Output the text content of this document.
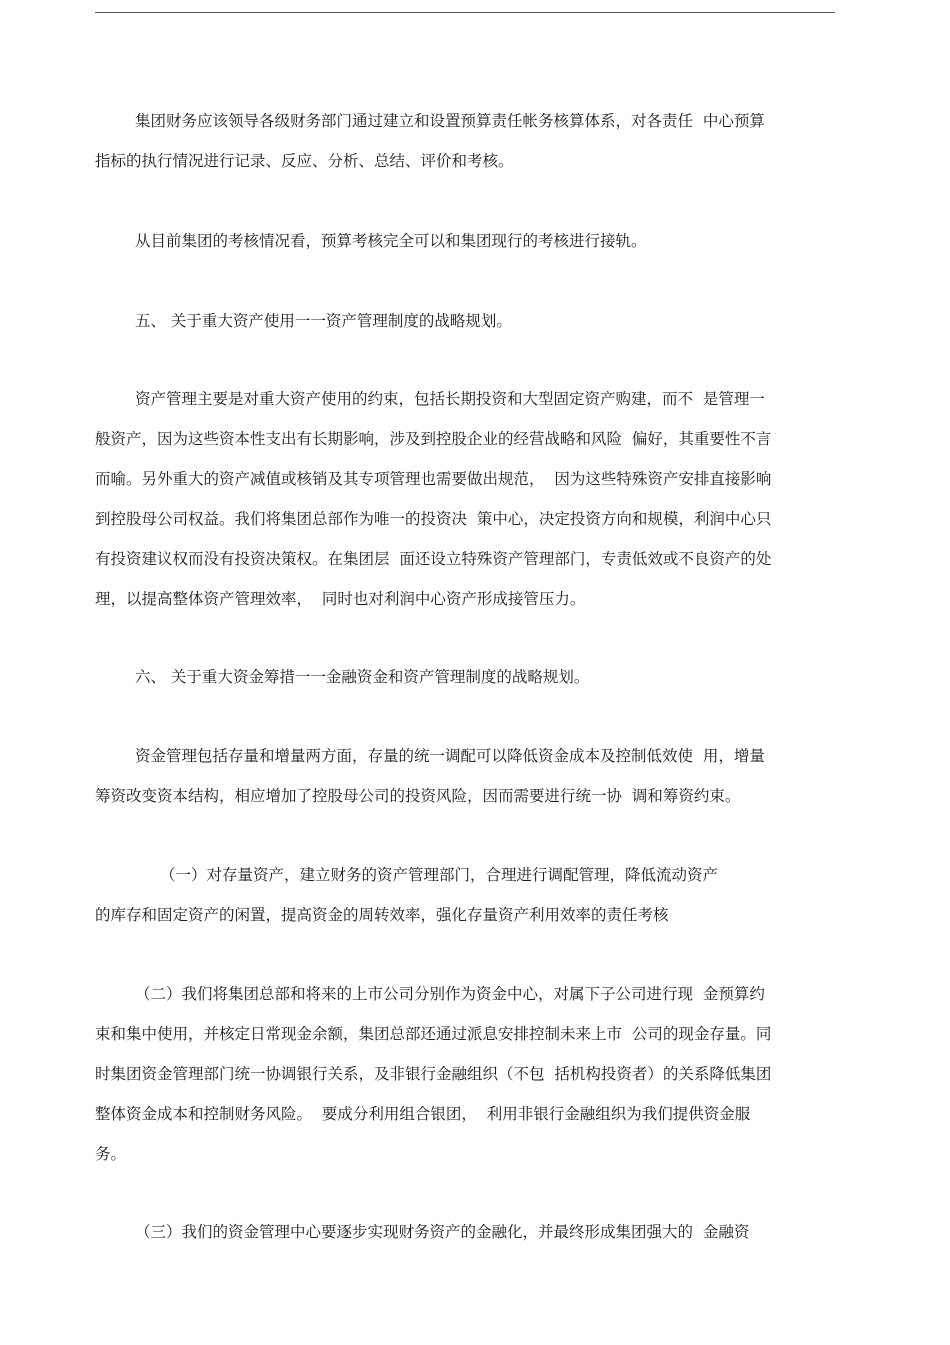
集团财务应该领导各级财务部门通过建立和设置预算责任帐务核算体系，对各责任  中心预算
指标的执行情况进行记录、反应、分析、总结、评价和考核。
从目前集团的考核情况看，预算考核完全可以和集团现行的考核进行接轨。
五、 关于重大资产使用一一资产管理制度的战略规划。
资产管理主要是对重大资产使用的约束，包括长期投资和大型固定资产购建，而不  是管理一
般资产，因为这些资本性支出有长期影响，涉及到控股企业的经营战略和风险  偏好，其重要性不言
而喻。另外重大的资产减值或核销及其专项管理也需要做出规范，  因为这些特殊资产安排直接影响
到控股母公司权益。我们将集团总部作为唯一的投资决  策中心，决定投资方向和规模，利润中心只
有投资建议权而没有投资决策权。在集团层  面还设立特殊资产管理部门，专责低效或不良资产的处
理，以提高整体资产管理效率，  同时也对利润中心资产形成接管压力。
六、 关于重大资金筹措一一金融资金和资产管理制度的战略规划。
资金管理包括存量和增量两方面，存量的统一调配可以降低资金成本及控制低效使  用，增量
筹资改变资本结构，相应增加了控股母公司的投资风险，因而需要进行统一协  调和筹资约束。
（一）对存量资产，建立财务的资产管理部门，合理进行调配管理，降低流动资产
的库存和固定资产的闲置，提高资金的周转效率，强化存量资产利用效率的责任考核
（二）我们将集团总部和将来的上市公司分别作为资金中心，对属下子公司进行现  金预算约
束和集中使用，并核定日常现金余额，集团总部还通过派息安排控制未来上市  公司的现金存量。同
时集团资金管理部门统一协调银行关系，及非银行金融组织（不包  括机构投资者）的关系降低集团
整体资金成本和控制财务风险。  要成分利用组合银团，  利用非银行金融组织为我们提供资金服
务。
（三）我们的资金管理中心要逐步实现财务资产的金融化，并最终形成集团强大的  金融资
